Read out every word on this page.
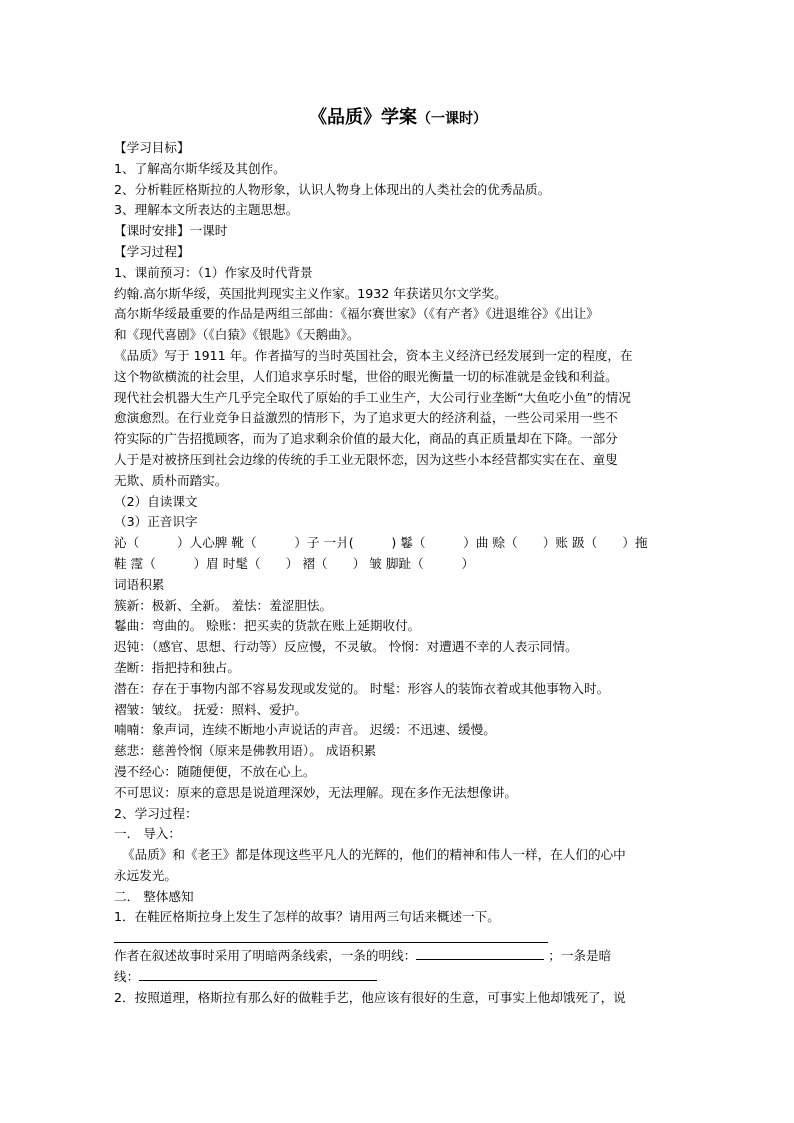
《品质》学案（一课时）
【学习目标】
1、了解高尔斯华绥及其创作。
2、分析鞋匠格斯拉的人物形象，认识人物身上体现出的人类社会的优秀品质。
3、理解本文所表达的主题思想。
【课时安排】一课时
【学习过程】
1、课前预习：（1）作家及时代背景
约翰.高尔斯华绥，英国批判现实主义作家。1932 年获诺贝尔文学奖。
高尔斯华绥最重要的作品是两组三部曲：《福尔赛世家》（《有产者》《进退维谷》《出让》
和《现代喜剧》（《白猿》《银匙》《天鹅曲》。
《品质》写于 1911 年。作者描写的当时英国社会，资本主义经济已经发展到一定的程度，在
这个物欲横流的社会里，人们追求享乐时髦，世俗的眼光衡量一切的标准就是金钱和利益。
现代社会机器大生产几乎完全取代了原始的手工业生产，大公司行业垄断“大鱼吃小鱼”的情况
愈演愈烈。在行业竞争日益激烈的情形下，为了追求更大的经济利益，一些公司采用一些不
符实际的广告招揽顾客，而为了追求剩余价值的最大化，商品的真正质量却在下降。一部分
人于是对被挤压到社会边缘的传统的手工业无限怀恋，因为这些小本经营都实实在在、童叟
无欺、质朴而踏实。
（2）自读课文
（3）正音识字
沁（　　　）人心脾 靴（　　　）子 一爿(　　　) 鬈（　　　）曲 赊（　　）账 趿（　　）拖
鞋 霪（　　　）眉 时髦（　　） 褶（　　） 皱 脚趾（　　　）
词语积累
簇新：极新、全新。 羞怯：羞涩胆怯。
鬈曲：弯曲的。 赊账：把买卖的货款在账上延期收付。
迟钝：（感官、思想、行动等）反应慢，不灵敏。 怜悯：对遭遇不幸的人表示同情。
垄断：指把持和独占。
潜在：存在于事物内部不容易发现或发觉的。 时髦：形容人的装饰衣着或其他事物入时。
褶皱：皱纹。 抚爱：照料、爱护。
喃喃：象声词，连续不断地小声说话的声音。 迟缓：不迅速、缓慢。
慈悲：慈善怜悯（原来是佛教用语）。 成语积累
漫不经心：随随便便，不放在心上。
不可思议：原来的意思是说道理深妙，无法理解。现在多作无法想像讲。
2、学习过程：
一． 导入：
《品质》和《老王》都是体现这些平凡人的光辉的，他们的精神和伟人一样，在人们的心中
永远发光。
二． 整体感知
1．在鞋匠格斯拉身上发生了怎样的故事？请用两三句话来概述一下。
作者在叙述故事时采用了明暗两条线索，一条的明线：	；一条是暗
线：
2．按照道理，格斯拉有那么好的做鞋手艺，他应该有很好的生意，可事实上他却饿死了，说
